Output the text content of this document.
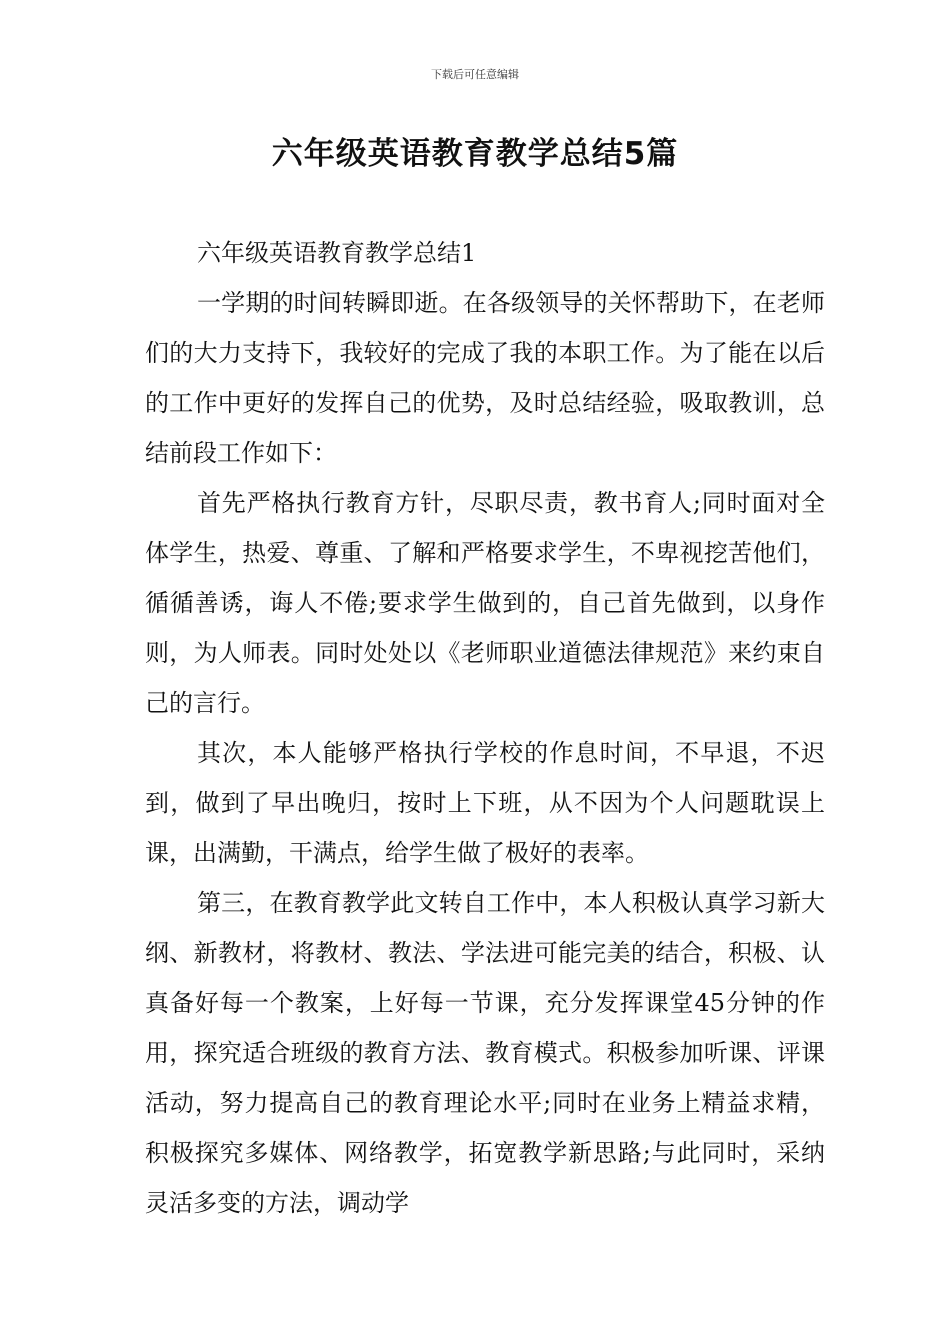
下载后可任意编辑
六年级英语教育教学总结5篇

六年级英语教育教学总结1

一学期的时间转瞬即逝。在各级领导的关怀帮助下，在老师们的大力支持下，我较好的完成了我的本职工作。为了能在以后的工作中更好的发挥自己的优势，及时总结经验，吸取教训，总结前段工作如下：

首先严格执行教育方针，尽职尽责，教书育人;同时面对全体学生，热爱、尊重、了解和严格要求学生，不卑视挖苦他们，循循善诱，诲人不倦;要求学生做到的，自己首先做到，以身作则，为人师表。同时处处以《老师职业道德法律规范》来约束自己的言行。

其次，本人能够严格执行学校的作息时间，不早退，不迟到，做到了早出晚归，按时上下班，从不因为个人问题耽误上课，出满勤，干满点，给学生做了极好的表率。

第三，在教育教学此文转自工作中，本人积极认真学习新大纲、新教材，将教材、教法、学法进可能完美的结合，积极、认真备好每一个教案，上好每一节课，充分发挥课堂45分钟的作用，探究适合班级的教育方法、教育模式。积极参加听课、评课活动，努力提高自己的教育理论水平;同时在业务上精益求精，积极探究多媒体、网络教学，拓宽教学新思路;与此同时，采纳灵活多变的方法，调动学
